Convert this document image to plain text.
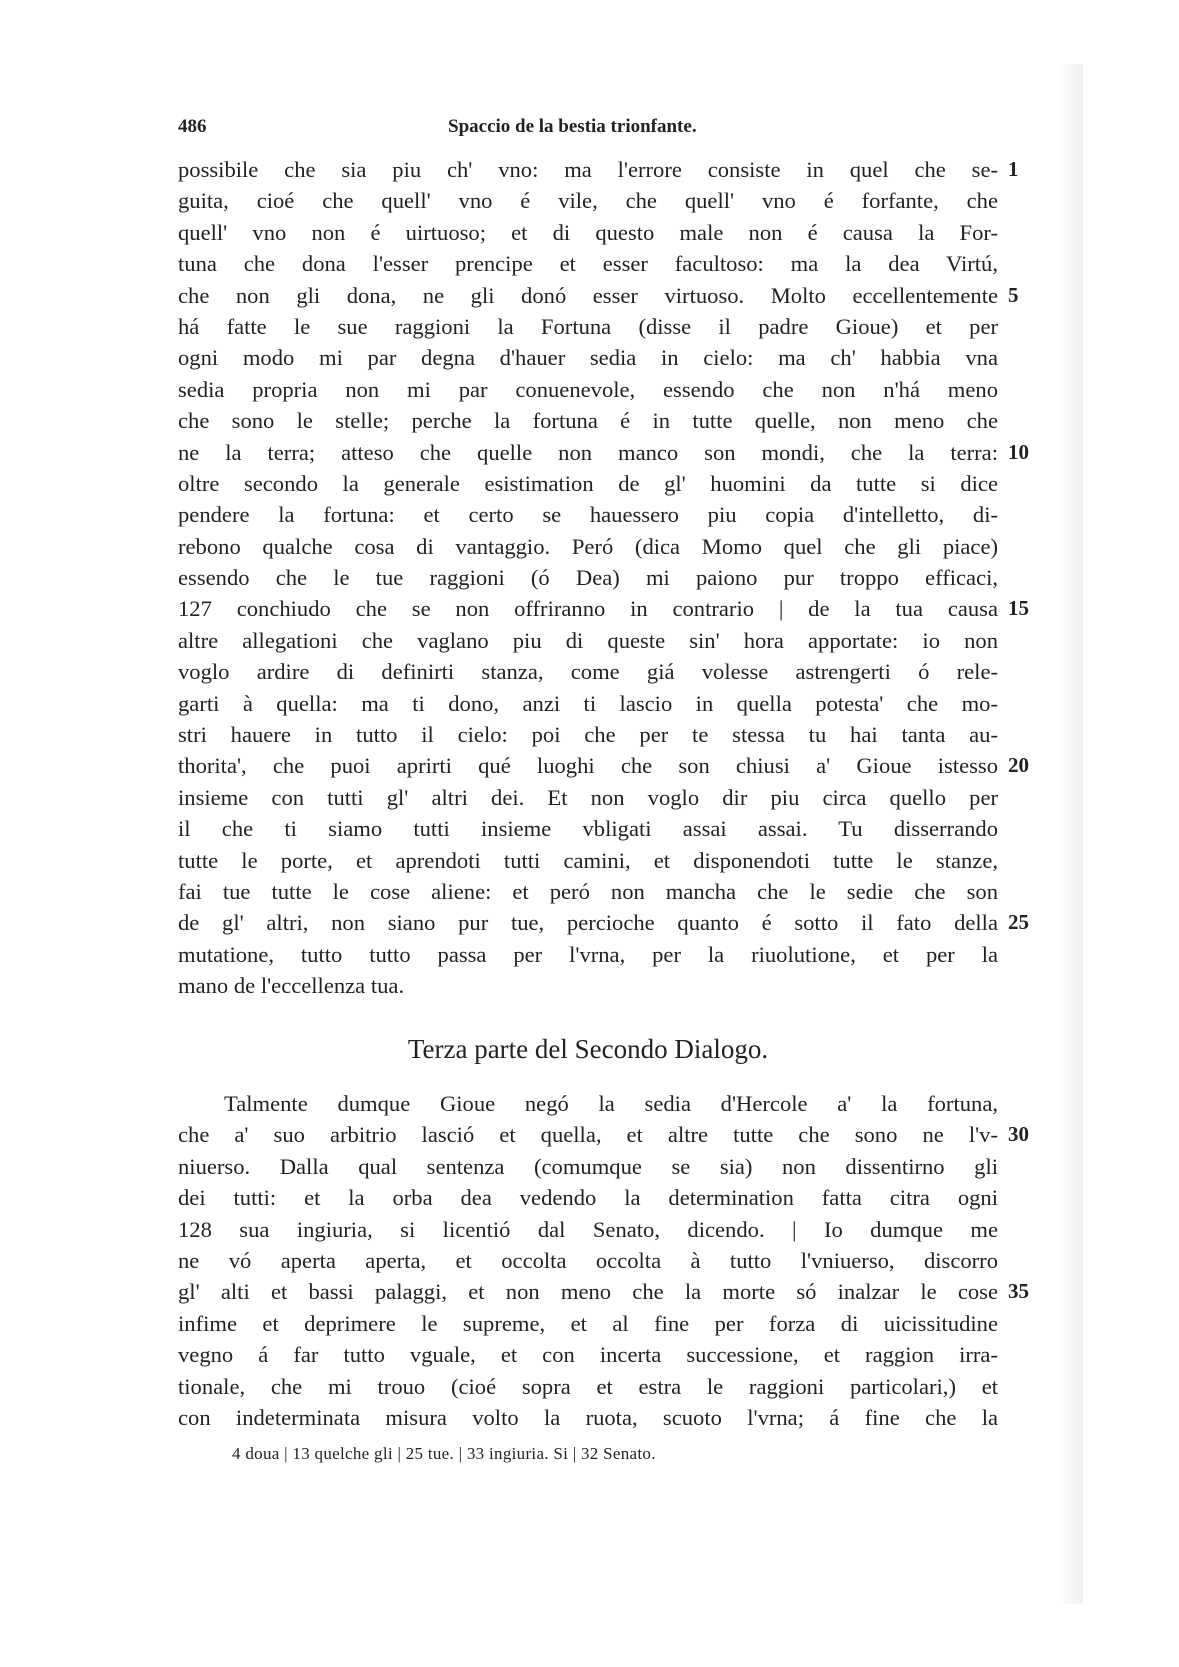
486	Spaccio de la bestia trionfante.
possibile che sia piu ch' vno: ma l'errore consiste in quel che se- 1
guita, cioé che quell' vno é vile, che quell' vno é forfante, che
quell' vno non é uirtuoso; et di questo male non é causa la For-
tuna che dona l'esser prencipe et esser facultoso: ma la dea Virtú,
che non gli dona, ne gli donó esser virtuoso. Molto eccellentemente 5
há fatte le sue raggioni la Fortuna (disse il padre Gioue) et per
ogni modo mi par degna d'hauer sedia in cielo: ma ch' habbia vna
sedia propria non mi par conuenevole, essendo che non n'há meno
che sono le stelle; perche la fortuna é in tutte quelle, non meno che
ne la terra; atteso che quelle non manco son mondi, che la terra: 10
oltre secondo la generale esistimation de gl' huomini da tutte si dice
pendere la fortuna: et certo se hauessero piu copia d'intelletto, di-
rebono qualche cosa di vantaggio. Peró (dica Momo quel che gli piace)
essendo che le tue raggioni (ó Dea) mi paiono pur troppo efficaci,
127 conchiudo che se non offriranno in contrario | de la tua causa 15
altre allegationi che vaglano piu di queste sin' hora apportate: io non
voglo ardire di definirti stanza, come giá volesse astrengerti ó rele-
garti à quella: ma ti dono, anzi ti lascio in quella potesta' che mo-
stri hauere in tutto il cielo: poi che per te stessa tu hai tanta au-
thorita', che puoi aprirti qué luoghi che son chiusi a' Gioue istesso 20
insieme con tutti gl' altri dei. Et non voglo dir piu circa quello per
il che ti siamo tutti insieme vbligati assai assai. Tu disserrando
tutte le porte, et aprendoti tutti camini, et disponendoti tutte le stanze,
fai tue tutte le cose aliene: et peró non mancha che le sedie che son
de gl' altri, non siano pur tue, percioche quanto é sotto il fato della 25
mutatione, tutto tutto passa per l'vrna, per la riuolutione, et per la
mano de l'eccellenza tua.
Terza parte del Secondo Dialogo.
Talmente dumque Gioue negó la sedia d'Hercole a' la fortuna,
che a' suo arbitrio lasció et quella, et altre tutte che sono ne l'v- 30
niuerso. Dalla qual sentenza (comumque se sia) non dissentirno gli
dei tutti: et la orba dea vedendo la determination fatta citra ogni
128 sua ingiuria, si licentió dal Senato, dicendo. | Io dumque me
ne vó aperta aperta, et occolta occolta à tutto l'vniuerso, discorro
gl' alti et bassi palaggi, et non meno che la morte só inalzar le cose 35
infime et deprimere le supreme, et al fine per forza di uicissitudine
vegno á far tutto vguale, et con incerta successione, et raggion irra-
tionale, che mi trouo (cioé sopra et estra le raggioni particolari,) et
con indeterminata misura volto la ruota, scuoto l'vrna; á fine che la
4 doua | 13 quelche gli | 25 tue. | 33 ingiuria. Si | 32 Senato.
